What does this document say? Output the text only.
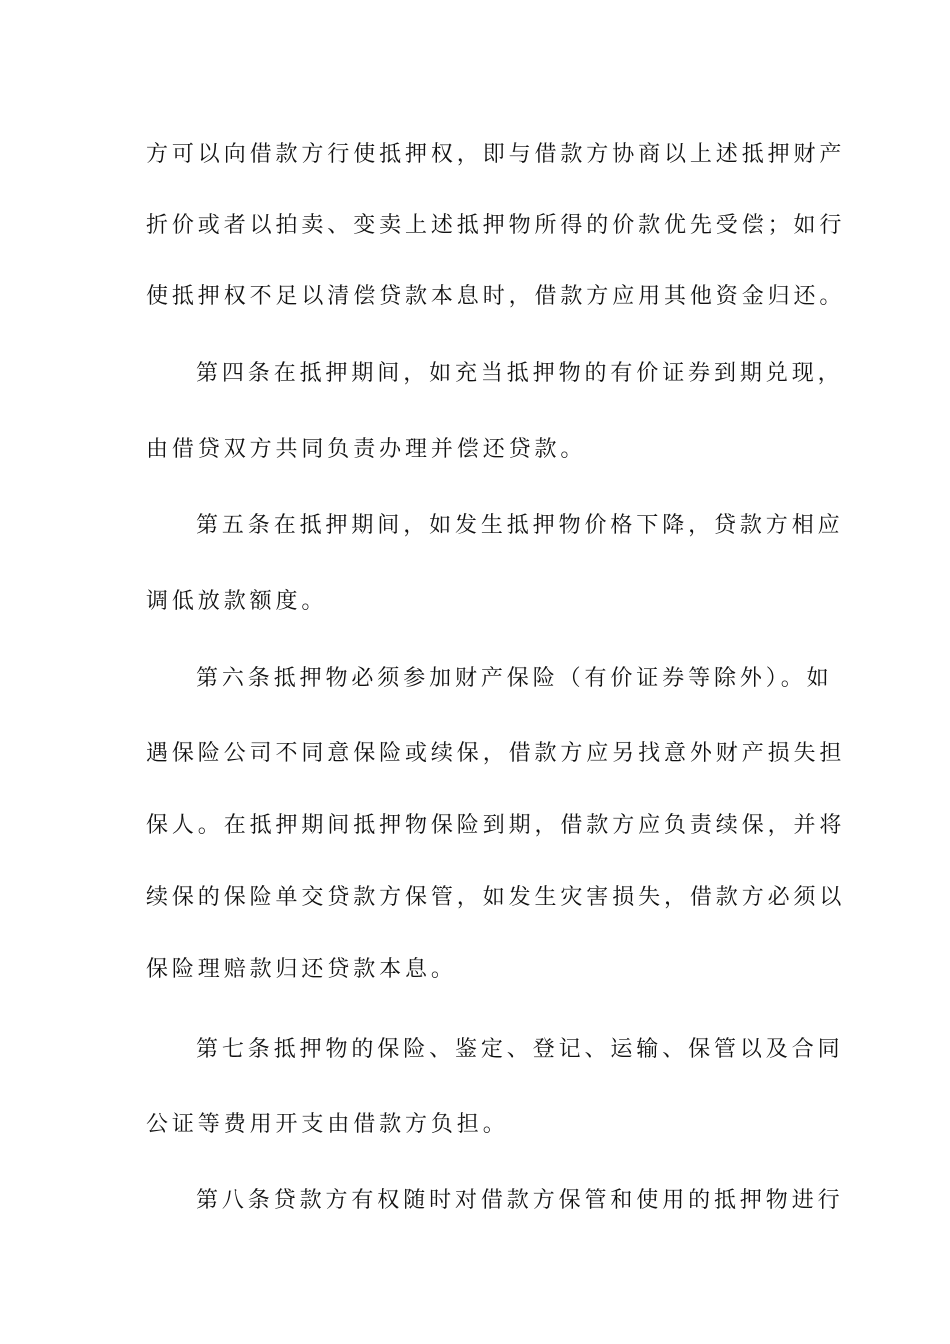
方可以向借款方行使抵押权，即与借款方协商以上述抵押财产
折价或者以拍卖、变卖上述抵押物所得的价款优先受偿；如行
使抵押权不足以清偿贷款本息时，借款方应用其他资金归还。
第四条在抵押期间，如充当抵押物的有价证券到期兑现，
由借贷双方共同负责办理并偿还贷款。
第五条在抵押期间，如发生抵押物价格下降，贷款方相应
调低放款额度。
第六条抵押物必须参加财产保险（有价证券等除外）。如
遇保险公司不同意保险或续保，借款方应另找意外财产损失担
保人。在抵押期间抵押物保险到期，借款方应负责续保，并将
续保的保险单交贷款方保管，如发生灾害损失，借款方必须以
保险理赔款归还贷款本息。
第七条抵押物的保险、鉴定、登记、运输、保管以及合同
公证等费用开支由借款方负担。
第八条贷款方有权随时对借款方保管和使用的抵押物进行
